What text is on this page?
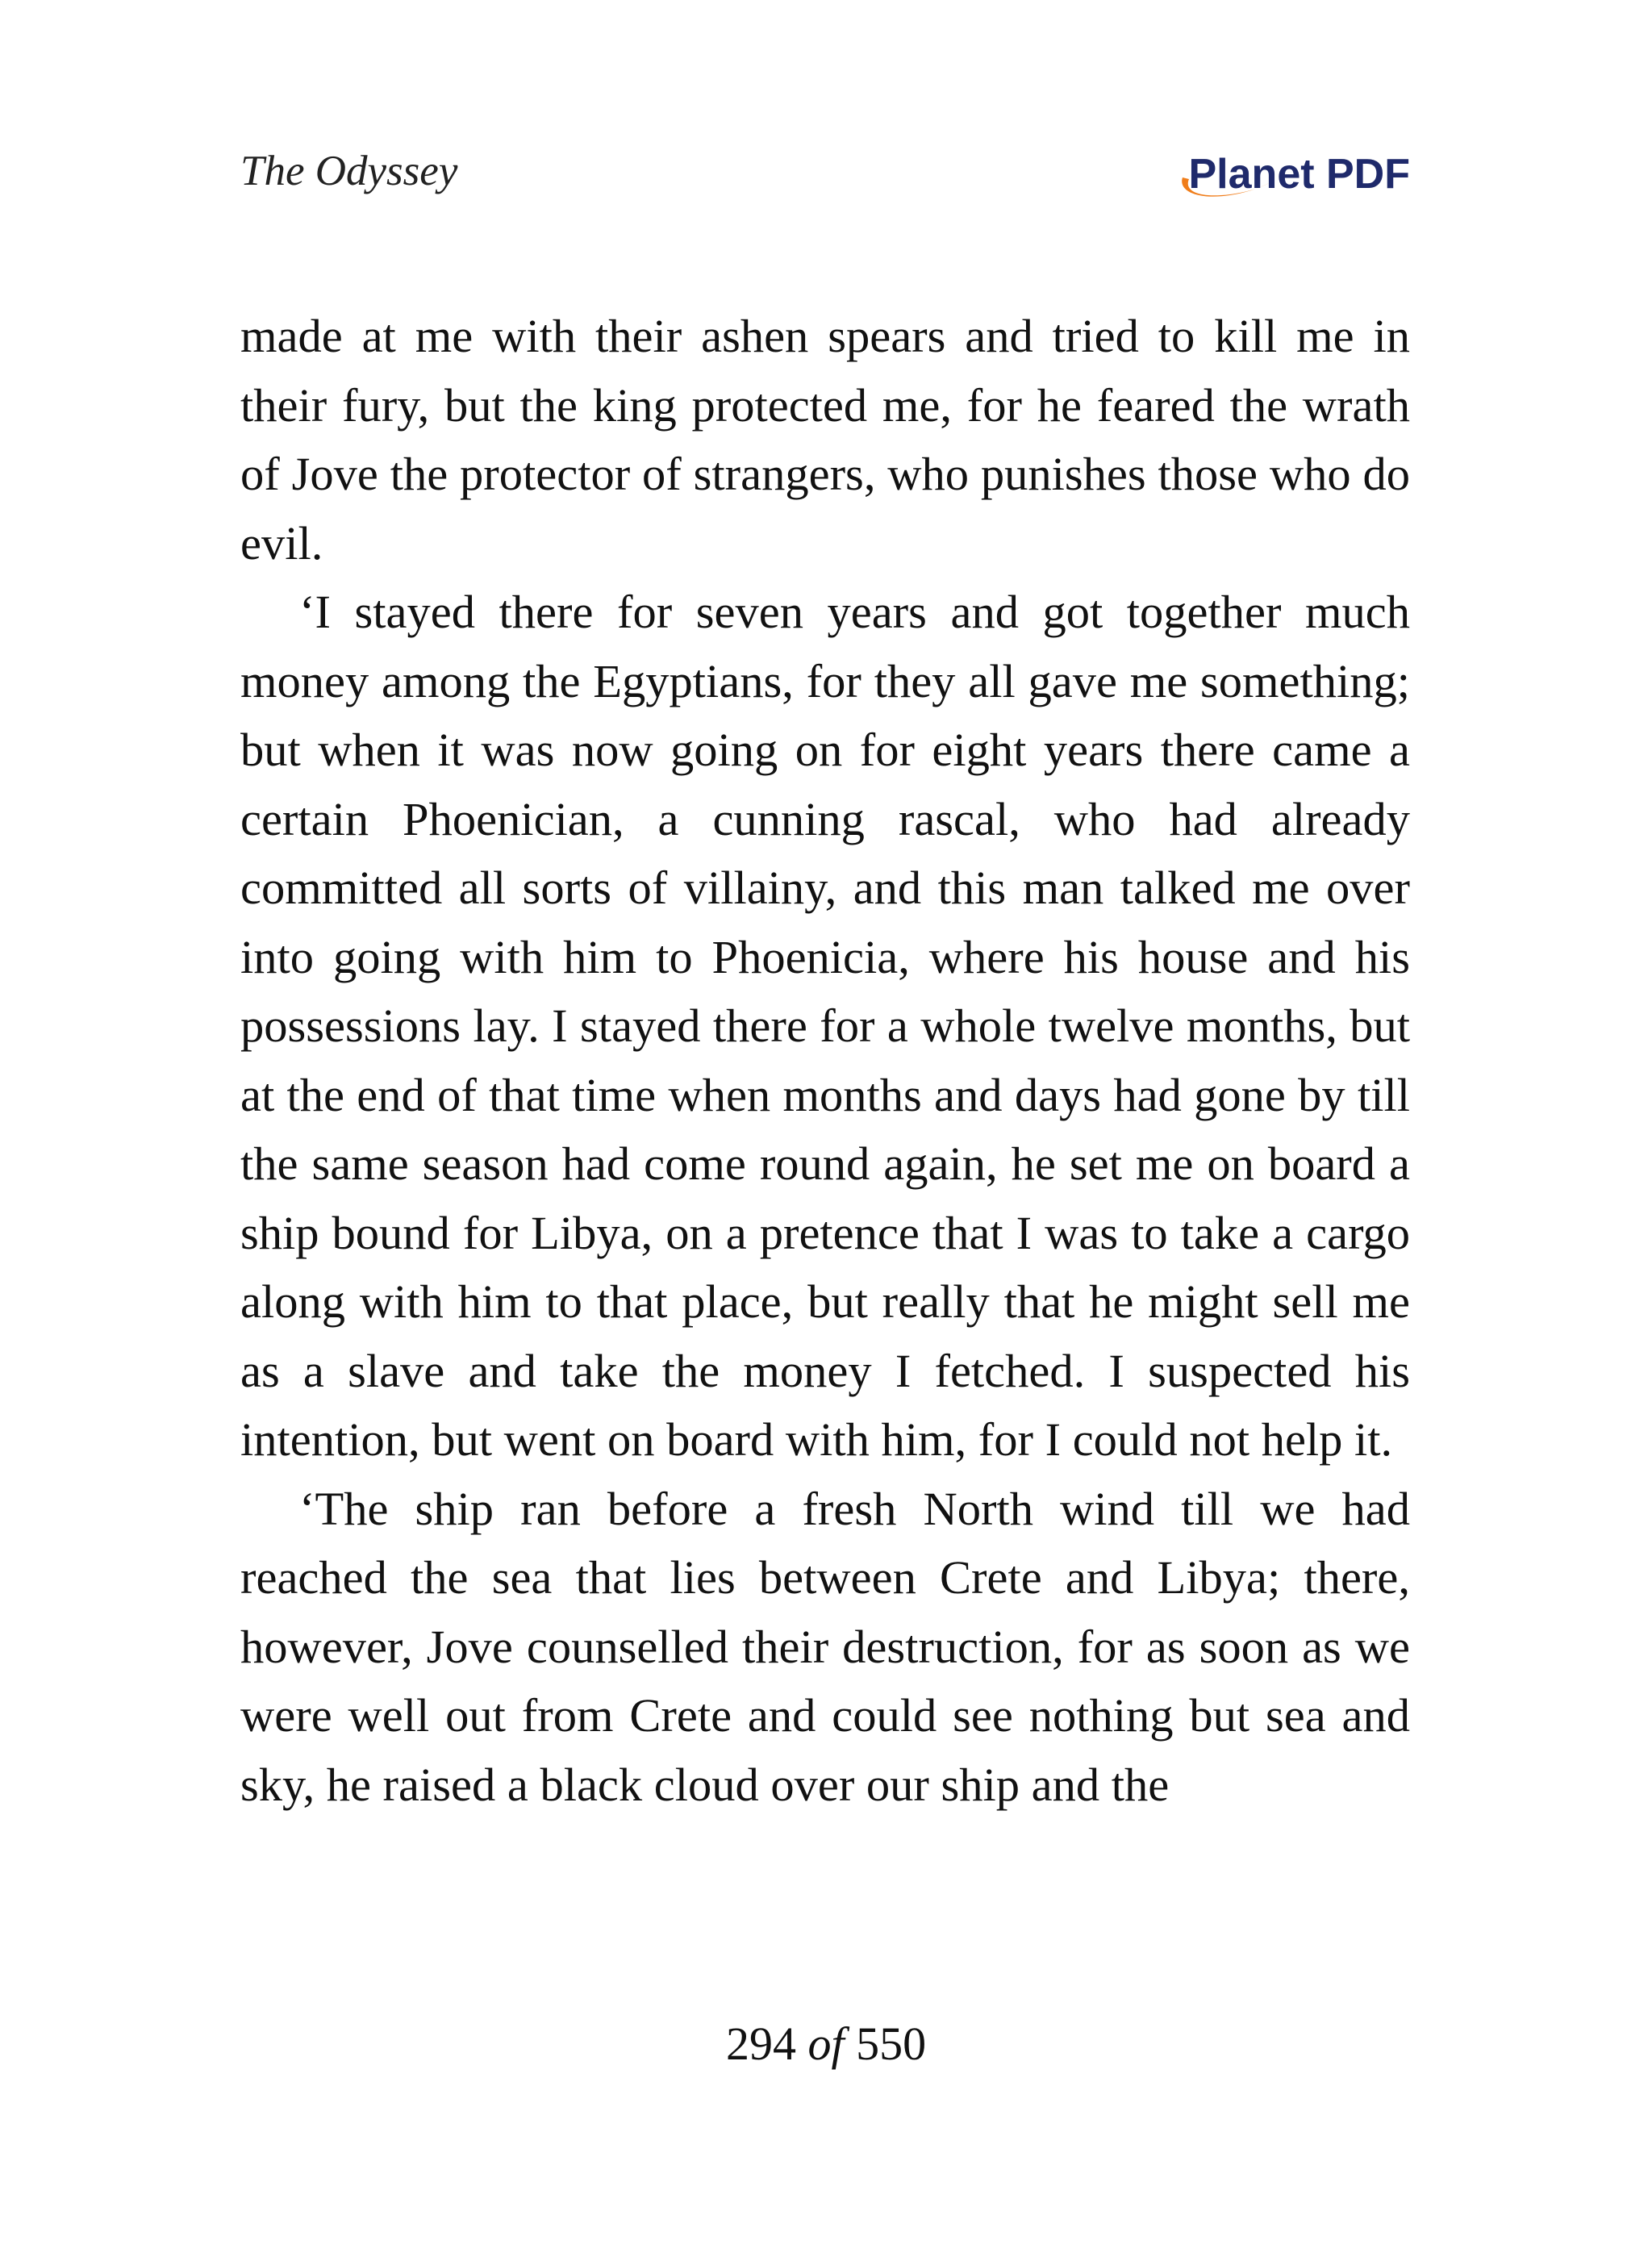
The Odyssey	Planet PDF

made at me with their ashen spears and tried to kill me in their fury, but the king protected me, for he feared the wrath of Jove the protector of strangers, who punishes those who do evil.

‘I stayed there for seven years and got together much money among the Egyptians, for they all gave me something; but when it was now going on for eight years there came a certain Phoenician, a cunning rascal, who had already committed all sorts of villainy, and this man talked me over into going with him to Phoenicia, where his house and his possessions lay. I stayed there for a whole twelve months, but at the end of that time when months and days had gone by till the same season had come round again, he set me on board a ship bound for Libya, on a pretence that I was to take a cargo along with him to that place, but really that he might sell me as a slave and take the money I fetched. I suspected his intention, but went on board with him, for I could not help it.

‘The ship ran before a fresh North wind till we had reached the sea that lies between Crete and Libya; there, however, Jove counselled their destruction, for as soon as we were well out from Crete and could see nothing but sea and sky, he raised a black cloud over our ship and the

294 of 550
